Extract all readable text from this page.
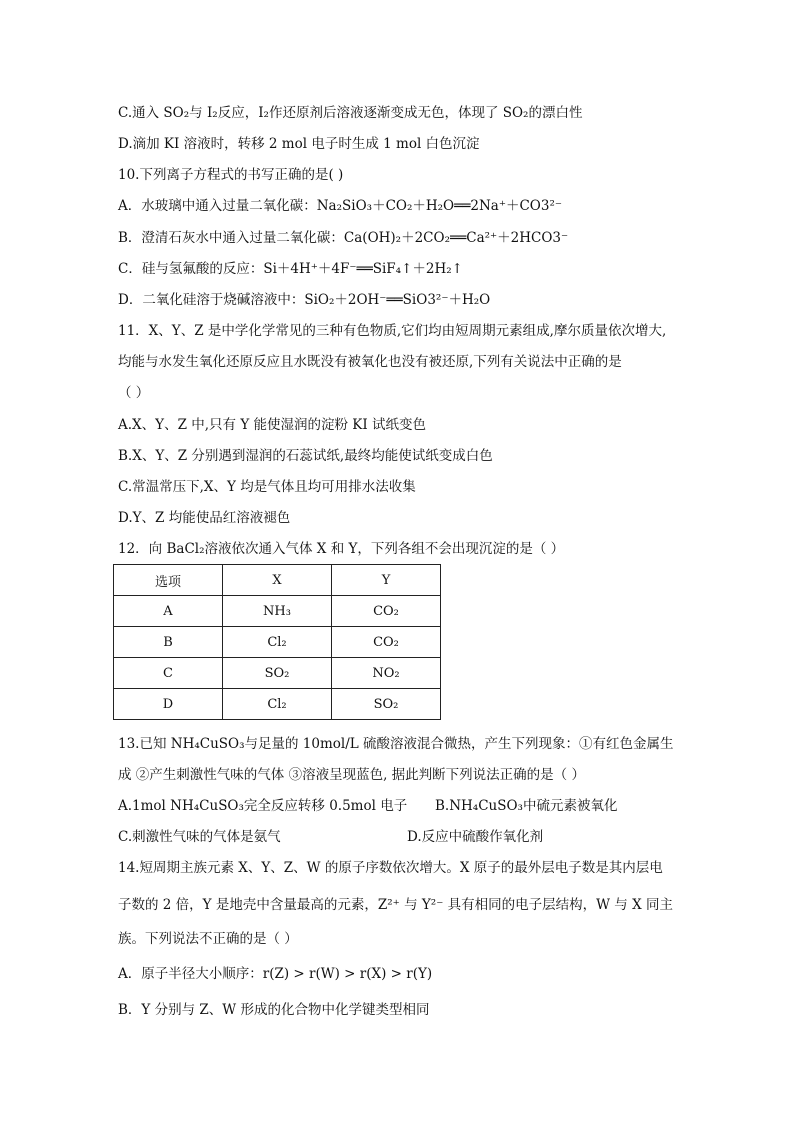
C.通入 SO₂与 I₂反应，I₂作还原剂后溶液逐渐变成无色，体现了 SO₂的漂白性
D.滴加 KI 溶液时，转移 2 mol 电子时生成 1 mol 白色沉淀
10.下列离子方程式的书写正确的是( )
A．水玻璃中通入过量二氧化碳：Na₂SiO₃＋CO₂＋H₂O══2Na⁺＋CO3²⁻
B．澄清石灰水中通入过量二氧化碳：Ca(OH)₂＋2CO₂══Ca²⁺＋2HCO3⁻
C．硅与氢氟酸的反应：Si＋4H⁺＋4F⁻══SiF₄↑＋2H₂↑
D．二氧化硅溶于烧碱溶液中：SiO₂＋2OH⁻══SiO3²⁻＋H₂O
11．X、Y、Z 是中学化学常见的三种有色物质,它们均由短周期元素组成,摩尔质量依次增大,
均能与水发生氧化还原反应且水既没有被氧化也没有被还原,下列有关说法中正确的是
（ ）
A.X、Y、Z 中,只有 Y 能使湿润的淀粉 KI 试纸变色
B.X、Y、Z 分别遇到湿润的石蕊试纸,最终均能使试纸变成白色
C.常温常压下,X、Y 均是气体且均可用排水法收集
D.Y、Z 均能使品红溶液褪色
12．向 BaCl₂溶液依次通入气体 X 和 Y，下列各组不会出现沉淀的是（ ）
选项	X	Y
A	NH₃	CO₂
B	Cl₂	CO₂
C	SO₂	NO₂
D	Cl₂	SO₂
13.已知 NH₄CuSO₃与足量的 10mol/L 硫酸溶液混合微热，产生下列现象：①有红色金属生
成 ②产生刺激性气味的气体 ③溶液呈现蓝色, 据此判断下列说法正确的是（ ）
A.1mol NH₄CuSO₃完全反应转移 0.5mol 电子 B.NH₄CuSO₃中硫元素被氧化
C.刺激性气味的气体是氨气	D.反应中硫酸作氧化剂
14.短周期主族元素 X、Y、Z、W 的原子序数依次增大。X 原子的最外层电子数是其内层电
子数的 2 倍，Y 是地壳中含量最高的元素，Z²⁺ 与 Y²⁻ 具有相同的电子层结构，W 与 X 同主
族。下列说法不正确的是（ ）
A．原子半径大小顺序：r(Z) > r(W) > r(X) > r(Y)
B．Y 分别与 Z、W 形成的化合物中化学键类型相同
